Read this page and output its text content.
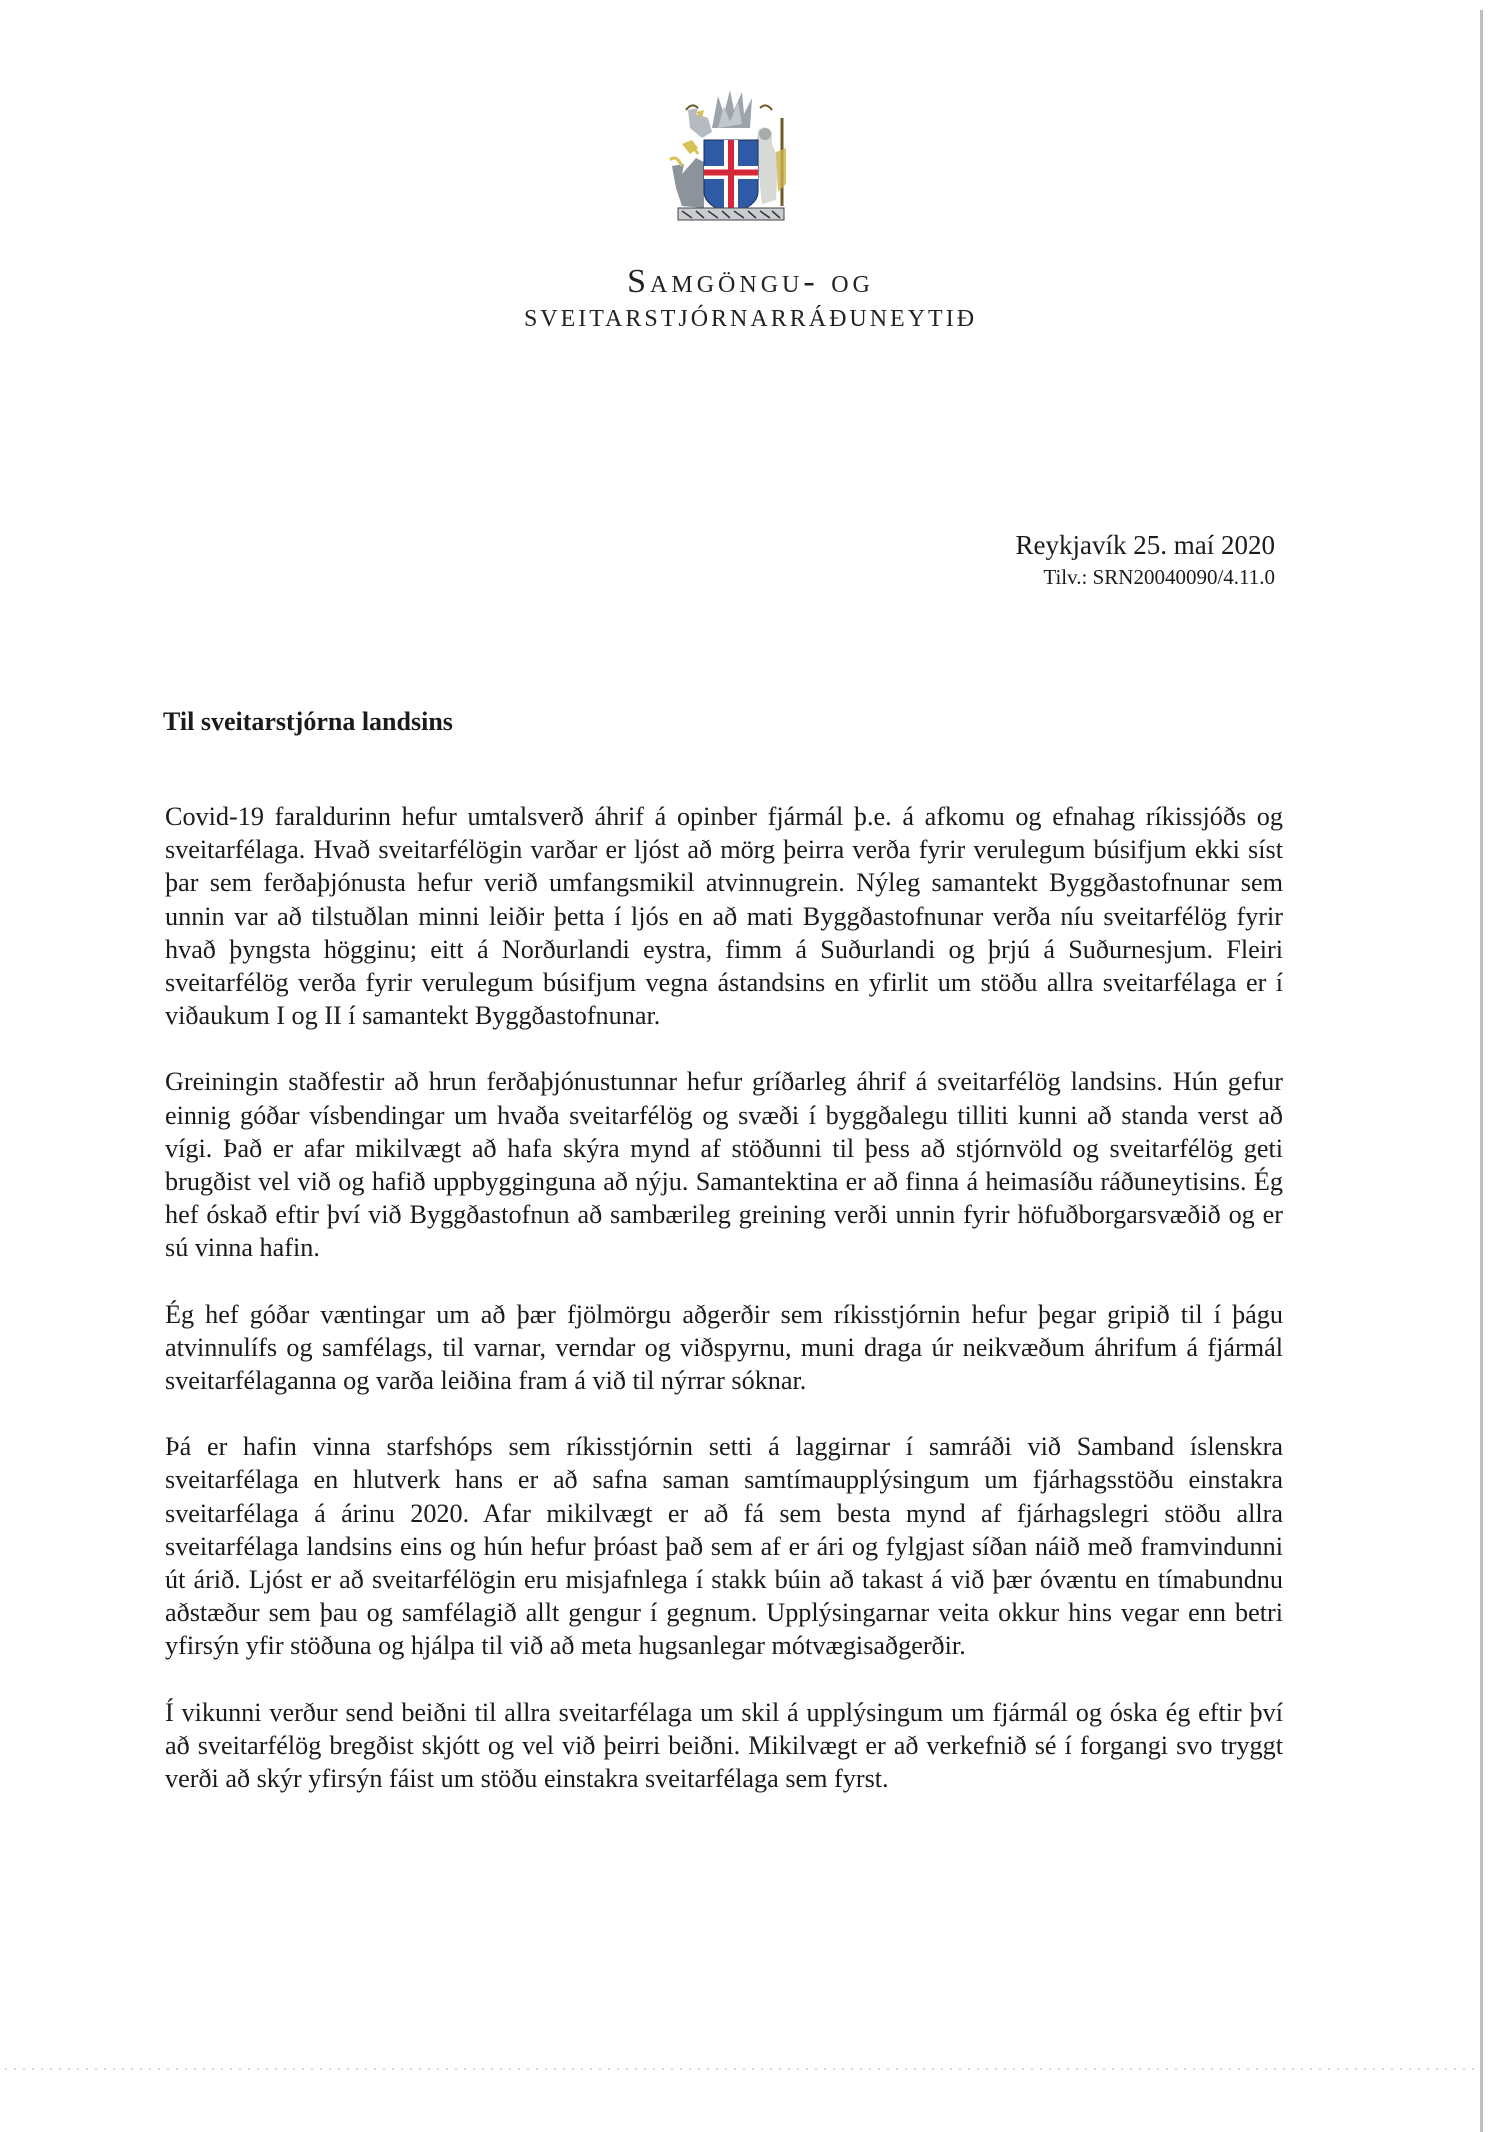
Samgöngu- og
sveitarstjórnarráðuneytið
Reykjavík 25. maí 2020
Tilv.: SRN20040090/4.11.0
Til sveitarstjórna landsins

Covid-19 faraldurinn hefur umtalsverð áhrif á opinber fjármál þ.e. á afkomu og efnahag ríkissjóðs og sveitarfélaga. Hvað sveitarfélögin varðar er ljóst að mörg þeirra verða fyrir verulegum búsifjum ekki síst þar sem ferðaþjónusta hefur verið umfangsmikil atvinnugrein. Nýleg samantekt Byggðastofnunar sem unnin var að tilstuðlan minni leiðir þetta í ljós en að mati Byggðastofnunar verða níu sveitarfélög fyrir hvað þyngsta högginu; eitt á Norðurlandi eystra, fimm á Suðurlandi og þrjú á Suðurnesjum. Fleiri sveitarfélög verða fyrir verulegum búsifjum vegna ástandsins en yfirlit um stöðu allra sveitarfélaga er í viðaukum I og II í samantekt Byggðastofnunar.

Greiningin staðfestir að hrun ferðaþjónustunnar hefur gríðarleg áhrif á sveitarfélög landsins. Hún gefur einnig góðar vísbendingar um hvaða sveitarfélög og svæði í byggðalegu tilliti kunni að standa verst að vígi. Það er afar mikilvægt að hafa skýra mynd af stöðunni til þess að stjórnvöld og sveitarfélög geti brugðist vel við og hafið uppbygginguna að nýju. Samantektina er að finna á heimasíðu ráðuneytisins. Ég hef óskað eftir því við Byggðastofnun að sambærileg greining verði unnin fyrir höfuðborgarsvæðið og er sú vinna hafin.

Ég hef góðar væntingar um að þær fjölmörgu aðgerðir sem ríkisstjórnin hefur þegar gripið til í þágu atvinnulífs og samfélags, til varnar, verndar og viðspyrnu, muni draga úr neikvæðum áhrifum á fjármál sveitarfélaganna og varða leiðina fram á við til nýrrar sóknar.

Þá er hafin vinna starfshóps sem ríkisstjórnin setti á laggirnar í samráði við Samband íslenskra sveitarfélaga en hlutverk hans er að safna saman samtímaupplýsingum um fjárhagsstöðu einstakra sveitarfélaga á árinu 2020. Afar mikilvægt er að fá sem besta mynd af fjárhagslegri stöðu allra sveitarfélaga landsins eins og hún hefur þróast það sem af er ári og fylgjast síðan náið með framvindunni út árið. Ljóst er að sveitarfélögin eru misjafnlega í stakk búin að takast á við þær óvæntu en tímabundnu aðstæður sem þau og samfélagið allt gengur í gegnum. Upplýsingarnar veita okkur hins vegar enn betri yfirsýn yfir stöðuna og hjálpa til við að meta hugsanlegar mótvægisaðgerðir.

Í vikunni verður send beiðni til allra sveitarfélaga um skil á upplýsingum um fjármál og óska ég eftir því að sveitarfélög bregðist skjótt og vel við þeirri beiðni. Mikilvægt er að verkefnið sé í forgangi svo tryggt verði að skýr yfirsýn fáist um stöðu einstakra sveitarfélaga sem fyrst.
